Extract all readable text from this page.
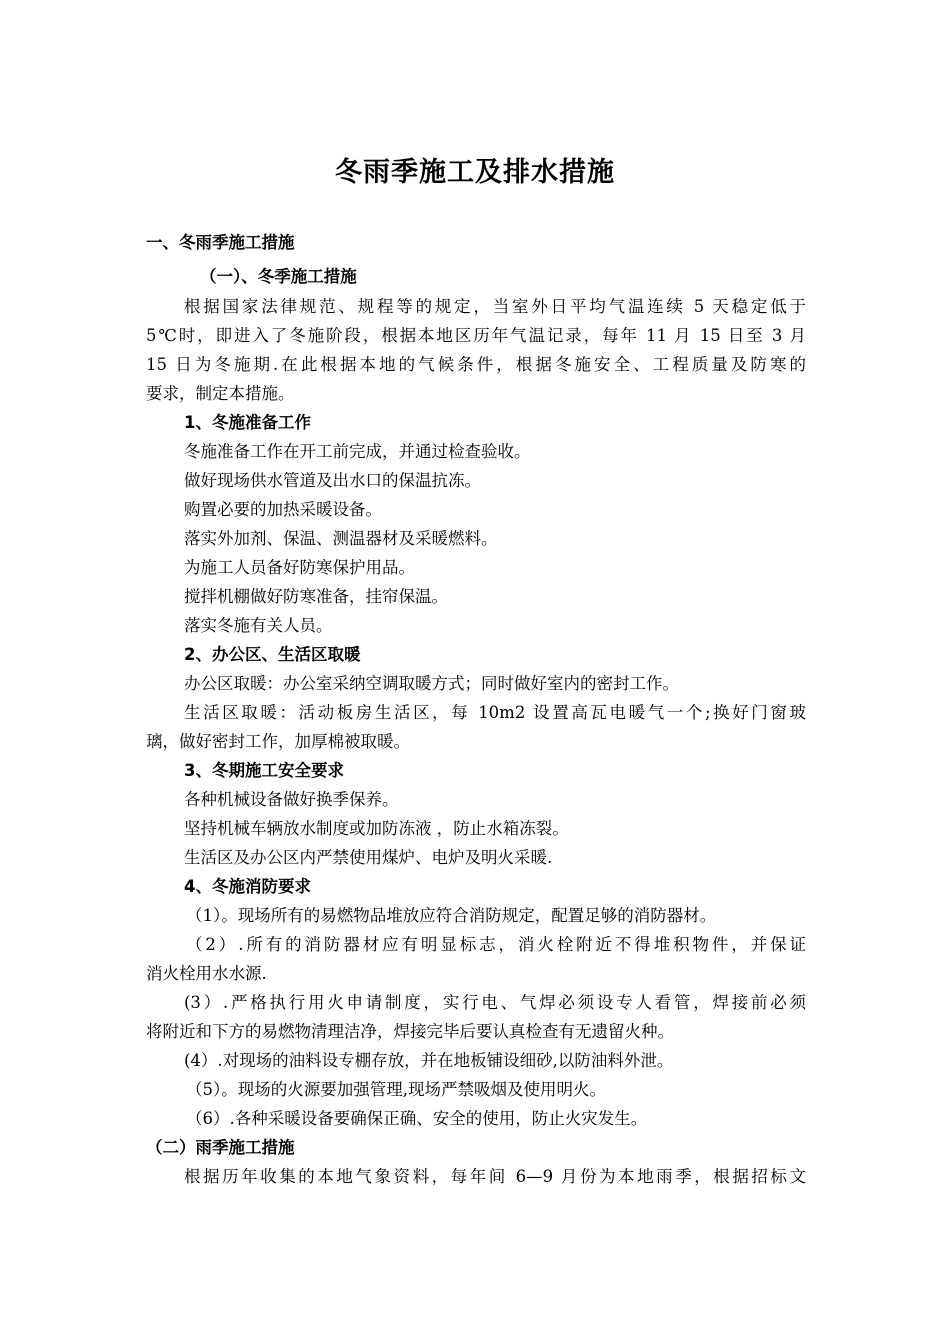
冬雨季施工及排水措施
一、冬雨季施工措施
（一）、冬季施工措施
根据国家法律规范、规程等的规定，当室外日平均气温连续 5 天稳定低于
5℃时，即进入了冬施阶段，根据本地区历年气温记录，每年 11 月 15 日至 3 月
15 日为冬施期.在此根据本地的气候条件，根据冬施安全、工程质量及防寒的
要求，制定本措施。
1、冬施准备工作
冬施准备工作在开工前完成，并通过检查验收。
做好现场供水管道及出水口的保温抗冻。
购置必要的加热采暖设备。
落实外加剂、保温、测温器材及采暖燃料。
为施工人员备好防寒保护用品。
搅拌机棚做好防寒准备，挂帘保温。
落实冬施有关人员。
2、办公区、生活区取暖
办公区取暖：办公室采纳空调取暖方式；同时做好室内的密封工作。
生活区取暖：活动板房生活区，每 10m2 设置高瓦电暖气一个;换好门窗玻
璃，做好密封工作，加厚棉被取暖。
3、冬期施工安全要求
各种机械设备做好换季保养。
坚持机械车辆放水制度或加防冻液 ，防止水箱冻裂。
生活区及办公区内严禁使用煤炉、电炉及明火采暖.
4、冬施消防要求
（1）。现场所有的易燃物品堆放应符合消防规定，配置足够的消防器材。
（2）.所有的消防器材应有明显标志，消火栓附近不得堆积物件，并保证
消火栓用水水源.
(3）.严格执行用火申请制度，实行电、气焊必须设专人看管，焊接前必须
将附近和下方的易燃物清理洁净，焊接完毕后要认真检查有无遗留火种。
(4）.对现场的油料设专棚存放，并在地板铺设细砂,以防油料外泄。
（5）。现场的火源要加强管理,现场严禁吸烟及使用明火。
（6）.各种采暖设备要确保正确、安全的使用，防止火灾发生。
（二）雨季施工措施
根据历年收集的本地气象资料，每年间 6—9 月份为本地雨季，根据招标文
